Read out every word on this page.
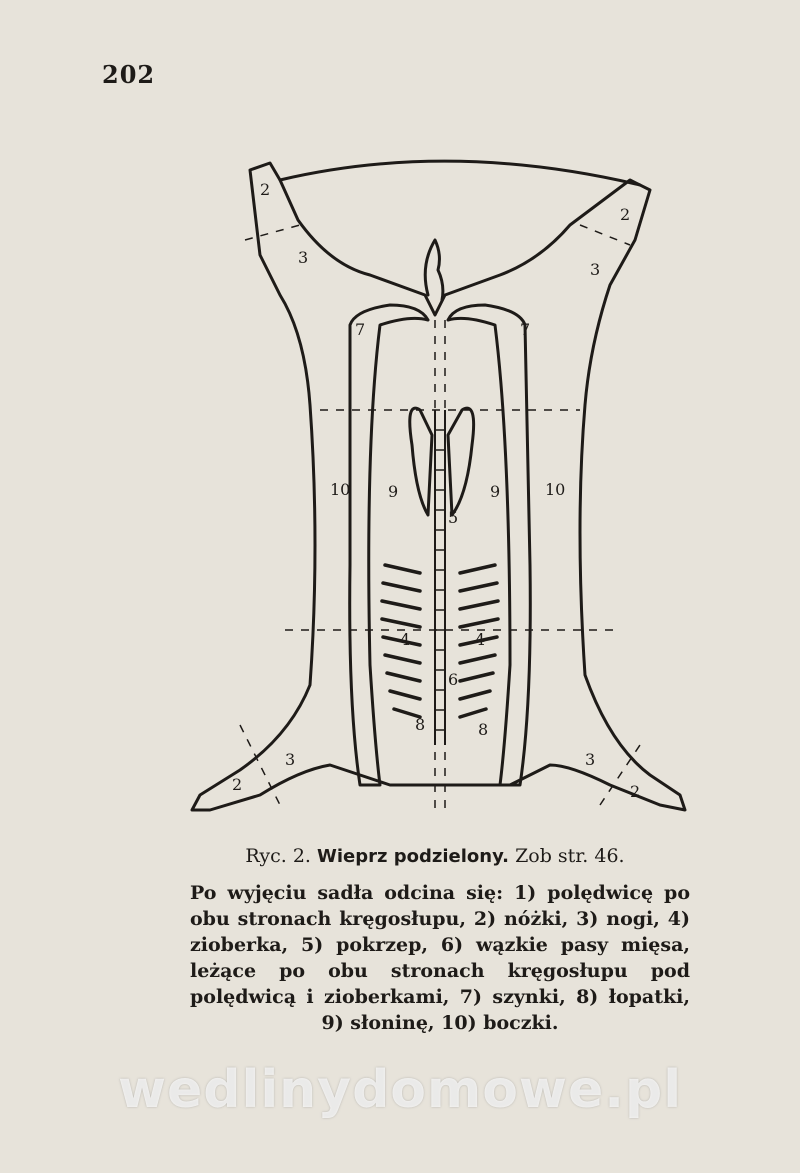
202
2
2
3
3
7	7
10	10
9	9
4	4
5
6
8	8
3	3
2	2
Ryc. 2. Wieprz podzielony. Zob str. 46.
Po wyjęciu sadła odcina się: 1) polędwicę po obu stronach kręgosłupu, 2) nóżki, 3) nogi, 4) zioberka, 5) pokrzep, 6) wązkie pasy mięsa, leżące po obu stronach kręgosłupu pod polędwicą i zioberkami, 7) szynki, 8) łopatki, 9) słoninę, 10) boczki.
wedlinydomowe.pl
